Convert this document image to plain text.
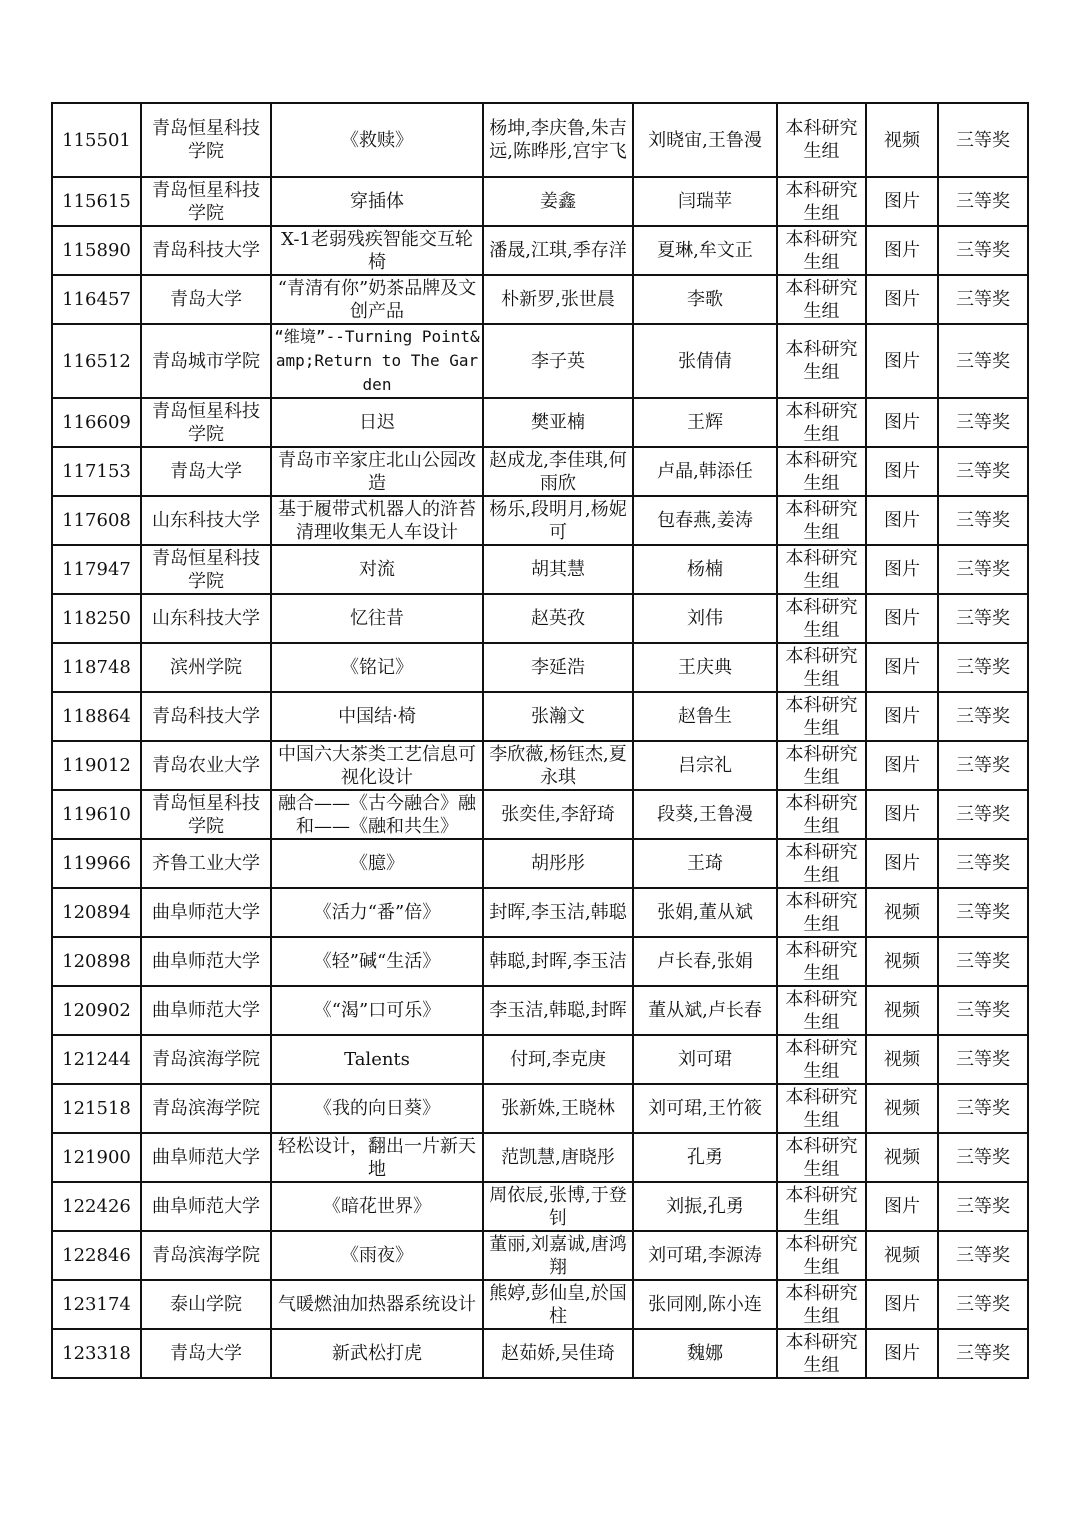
115501	青岛恒星科技学院	《救赎》	杨坤,李庆鲁,朱吉远,陈晔彤,宫宇飞	刘晓宙,王鲁漫	本科研究生组	视频	三等奖
115615	青岛恒星科技学院	穿插体	姜鑫	闫瑞苹	本科研究生组	图片	三等奖
115890	青岛科技大学	X-1老弱残疾智能交互轮椅	潘晟,江琪,季存洋	夏琳,牟文正	本科研究生组	图片	三等奖
116457	青岛大学	“青清有你”奶茶品牌及文创产品	朴新罗,张世晨	李歌	本科研究生组	图片	三等奖
116512	青岛城市学院	“维境”--Turning Point&amp;Return to The Garden	李子英	张倩倩	本科研究生组	图片	三等奖
116609	青岛恒星科技学院	日迟	樊亚楠	王辉	本科研究生组	图片	三等奖
117153	青岛大学	青岛市辛家庄北山公园改造	赵成龙,李佳琪,何雨欣	卢晶,韩添任	本科研究生组	图片	三等奖
117608	山东科技大学	基于履带式机器人的浒苔清理收集无人车设计	杨乐,段明月,杨妮可	包春燕,姜涛	本科研究生组	图片	三等奖
117947	青岛恒星科技学院	对流	胡其慧	杨楠	本科研究生组	图片	三等奖
118250	山东科技大学	忆往昔	赵英孜	刘伟	本科研究生组	图片	三等奖
118748	滨州学院	《铭记》	李延浩	王庆典	本科研究生组	图片	三等奖
118864	青岛科技大学	中国结·椅	张瀚文	赵鲁生	本科研究生组	图片	三等奖
119012	青岛农业大学	中国六大茶类工艺信息可视化设计	李欣薇,杨钰杰,夏永琪	吕宗礼	本科研究生组	图片	三等奖
119610	青岛恒星科技学院	融合——《古今融合》融和——《融和共生》	张奕佳,李舒琦	段葵,王鲁漫	本科研究生组	图片	三等奖
119966	齐鲁工业大学	《臆》	胡彤彤	王琦	本科研究生组	图片	三等奖
120894	曲阜师范大学	《活力“番”倍》	封晖,李玉洁,韩聪	张娟,董从斌	本科研究生组	视频	三等奖
120898	曲阜师范大学	《轻”碱“生活》	韩聪,封晖,李玉洁	卢长春,张娟	本科研究生组	视频	三等奖
120902	曲阜师范大学	《“渴”口可乐》	李玉洁,韩聪,封晖	董从斌,卢长春	本科研究生组	视频	三等奖
121244	青岛滨海学院	Talents	付珂,李克庚	刘可珺	本科研究生组	视频	三等奖
121518	青岛滨海学院	《我的向日葵》	张新姝,王晓林	刘可珺,王竹筱	本科研究生组	视频	三等奖
121900	曲阜师范大学	轻松设计，翻出一片新天地	范凯慧,唐晓彤	孔勇	本科研究生组	视频	三等奖
122426	曲阜师范大学	《暗花世界》	周依辰,张博,于登钊	刘振,孔勇	本科研究生组	图片	三等奖
122846	青岛滨海学院	《雨夜》	董丽,刘嘉诚,唐鸿翔	刘可珺,李源涛	本科研究生组	视频	三等奖
123174	泰山学院	气暖燃油加热器系统设计	熊婷,彭仙皇,於国柱	张同刚,陈小连	本科研究生组	图片	三等奖
123318	青岛大学	新武松打虎	赵茹娇,吴佳琦	魏娜	本科研究生组	图片	三等奖
